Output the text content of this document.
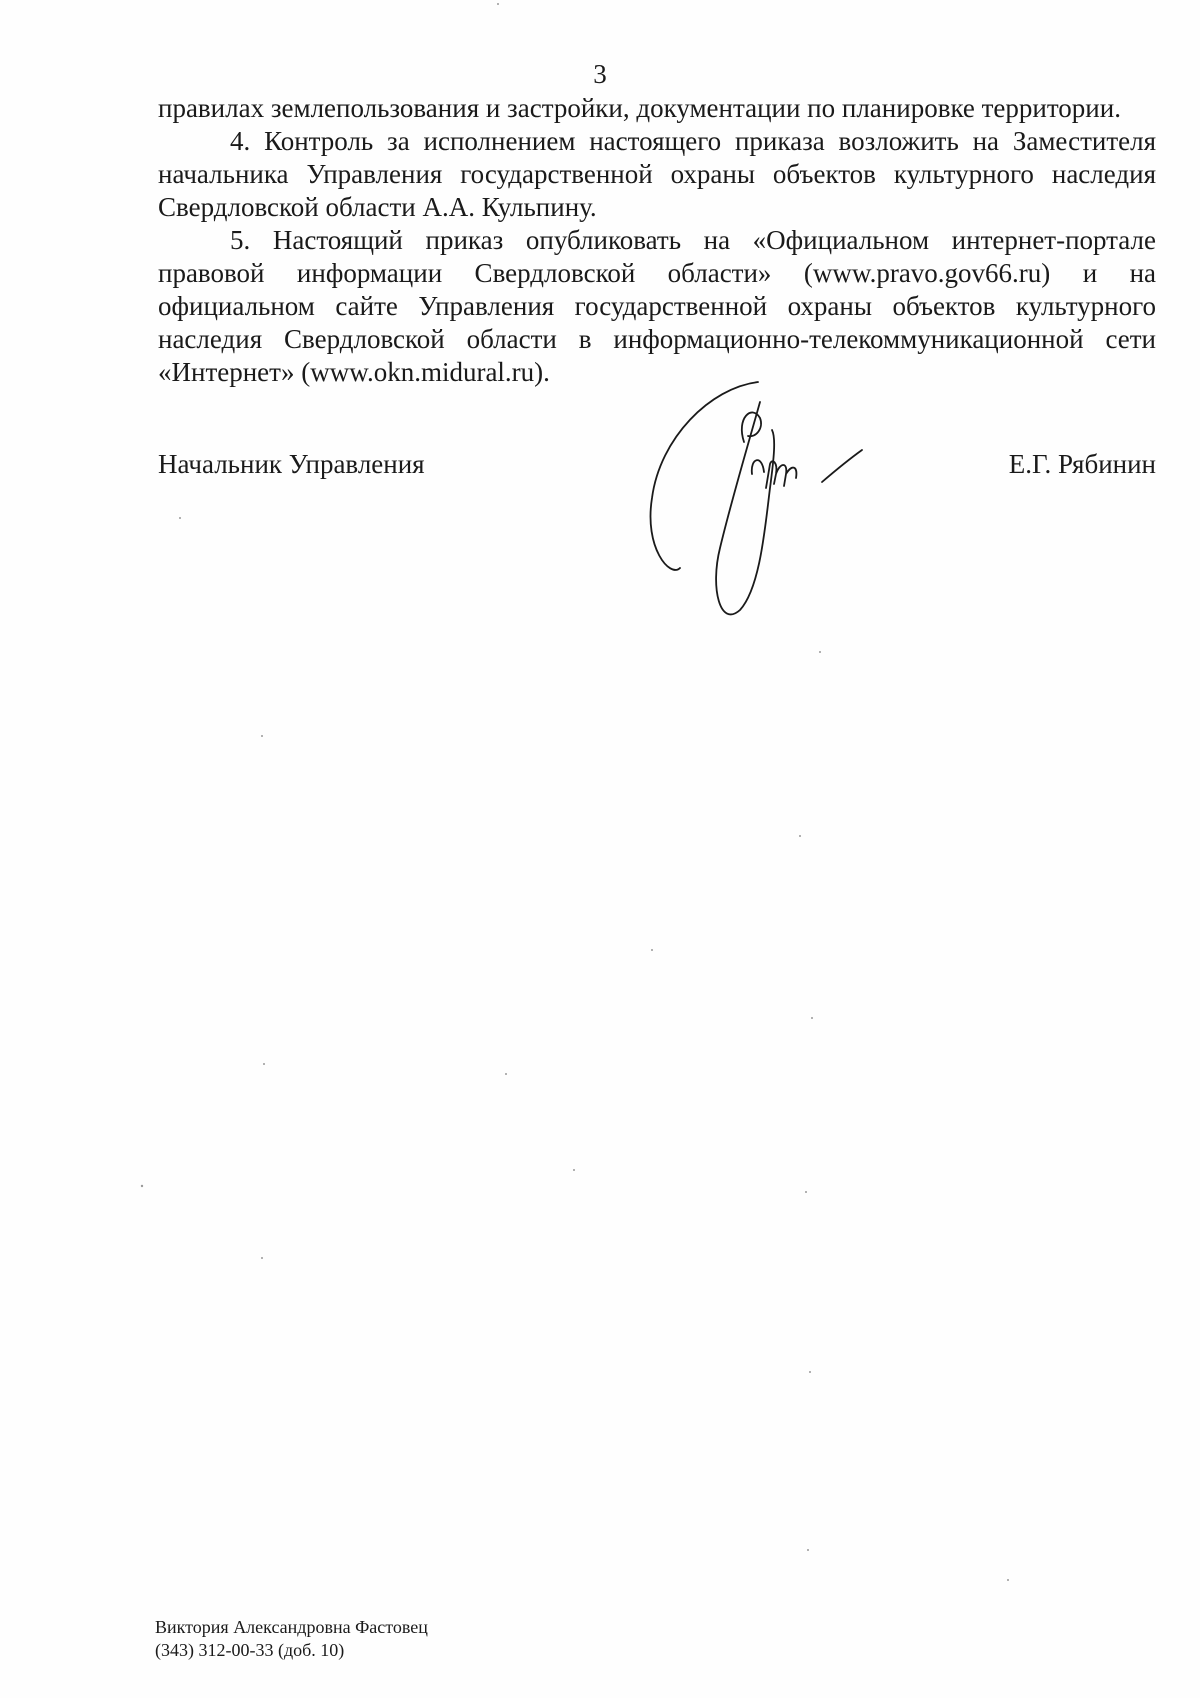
3

правилах землепользования и застройки, документации по планировке территории.

4. Контроль за исполнением настоящего приказа возложить на Заместителя начальника Управления государственной охраны объектов культурного наследия Свердловской области А.А. Кульпину.

5. Настоящий приказ опубликовать на «Официальном интернет-портале правовой информации Свердловской области» (www.pravo.gov66.ru) и на официальном сайте Управления государственной охраны объектов культурного наследия Свердловской области в информационно-телекоммуникационной сети «Интернет» (www.okn.midural.ru).

Начальник Управления	Е.Г. Рябинин
Виктория Александровна Фастовец
(343) 312-00-33 (доб. 10)
